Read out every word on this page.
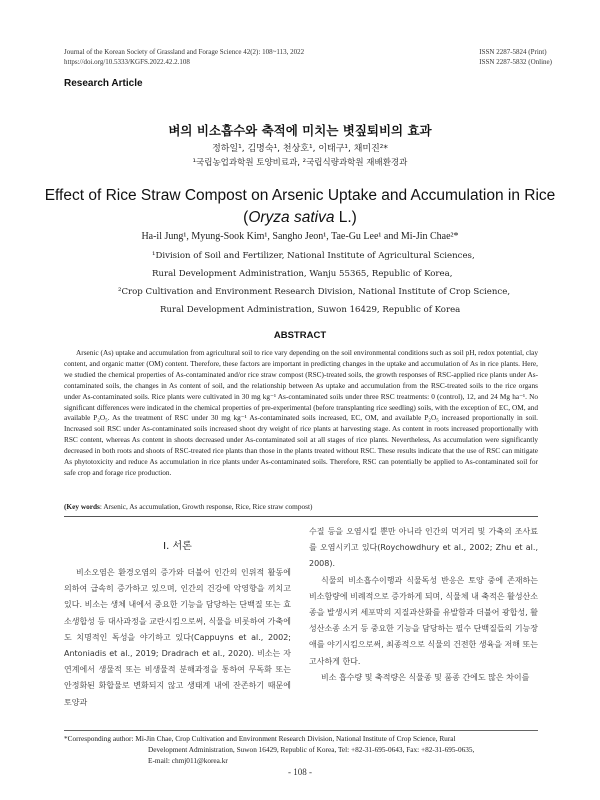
Journal of the Korean Society of Grassland and Forage Science 42(2): 108~113, 2022
https://doi.org/10.5333/KGFS.2022.42.2.108
ISSN 2287-5824 (Print)
ISSN 2287-5832 (Online)
Research Article
벼의 비소흡수와 축적에 미치는 볏짚퇴비의 효과
정하일¹, 김명숙¹, 천상호¹, 이태구¹, 채미진²*
¹국립농업과학원 토양비료과, ²국립식량과학원 재배환경과
Effect of Rice Straw Compost on Arsenic Uptake and Accumulation in Rice
(Oryza sativa L.)
Ha-il Jung¹, Myung-Sook Kim¹, Sangho Jeon¹, Tae-Gu Lee¹ and Mi-Jin Chae²*
¹Division of Soil and Fertilizer, National Institute of Agricultural Sciences,
Rural Development Administration, Wanju 55365, Republic of Korea,
²Crop Cultivation and Environment Research Division, National Institute of Crop Science,
Rural Development Administration, Suwon 16429, Republic of Korea
ABSTRACT
Arsenic (As) uptake and accumulation from agricultural soil to rice vary depending on the soil environmental conditions such as soil pH, redox potential, clay content, and organic matter (OM) content. Therefore, these factors are important in predicting changes in the uptake and accumulation of As in rice plants. Here, we studied the chemical properties of As-contaminated and/or rice straw compost (RSC)-treated soils, the growth responses of RSC-applied rice plants under As-contaminated soils, the changes in As content of soil, and the relationship between As uptake and accumulation from the RSC-treated soils to the rice organs under As-contaminated soils. Rice plants were cultivated in 30 mg kg⁻¹ As-contaminated soils under three RSC treatments: 0 (control), 12, and 24 Mg ha⁻¹. No significant differences were indicated in the chemical properties of pre-experimental (before transplanting rice seedling) soils, with the exception of EC, OM, and available P₂O₅. As the treatment of RSC under 30 mg kg⁻¹ As-contaminated soils increased, EC, OM, and available P₂O₅ increased proportionally in soil. Increased soil RSC under As-contaminated soils increased shoot dry weight of rice plants at harvesting stage. As content in roots increased proportionally with RSC content, whereas As content in shoots decreased under As-contaminated soil at all stages of rice plants. Nevertheless, As accumulation were significantly decreased in both roots and shoots of RSC-treated rice plants than those in the plants treated without RSC. These results indicate that the use of RSC can mitigate As phytotoxicity and reduce As accumulation in rice plants under As-contaminated soils. Therefore, RSC can potentially be applied to As-contaminated soil for safe crop and forage rice production.
(Key words: Arsenic, As accumulation, Growth response, Rice, Rice straw compost)
Ⅰ. 서론

비소오염은 환경오염의 증가와 더불어 인간의 인위적 활동에 의하여 급속히 증가하고 있으며, 인간의 건강에 악영향을 끼치고 있다. 비소는 생체 내에서 중요한 기능을 담당하는 단백질 또는 효소생합성 등 대사과정을 교란시킴으로써, 식물을 비롯하여 가축에도 치명적인 독성을 야기하고 있다(Cappuyns et al., 2002; Antoniadis et al., 2019; Dradrach et al., 2020). 비소는 자연계에서 생물적 또는 비생물적 분해과정을 통하여 무독화 또는 안정화된 화합물로 변화되지 않고 생태계 내에 잔존하기 때문에 토양과

수질 등을 오염시킬 뿐만 아니라 인간의 먹거리 및 가축의 조사료를 오염시키고 있다(Roychowdhury et al., 2002; Zhu et al., 2008).

식물의 비소흡수이행과 식물독성 반응은 토양 중에 존재하는 비소함량에 비례적으로 증가하게 되며, 식물체 내 축적은 활성산소종을 발생시켜 세포막의 지질과산화를 유발함과 더불어 광합성, 활성산소종 소거 등 중요한 기능을 담당하는 필수 단백질들의 기능장애를 야기시킴으로써, 최종적으로 식물의 건전한 생육을 저해 또는 고사하게 한다.

비소 흡수량 및 축적량은 식물종 및 품종 간에도 많은 차이를

*Corresponding author: Mi-Jin Chae, Crop Cultivation and Environment Research Division, National Institute of Crop Science, Rural
Development Administration, Suwon 16429, Republic of Korea, Tel: +82-31-695-0643, Fax: +82-31-695-0635,
E-mail: chmj011@korea.kr
- 108 -
